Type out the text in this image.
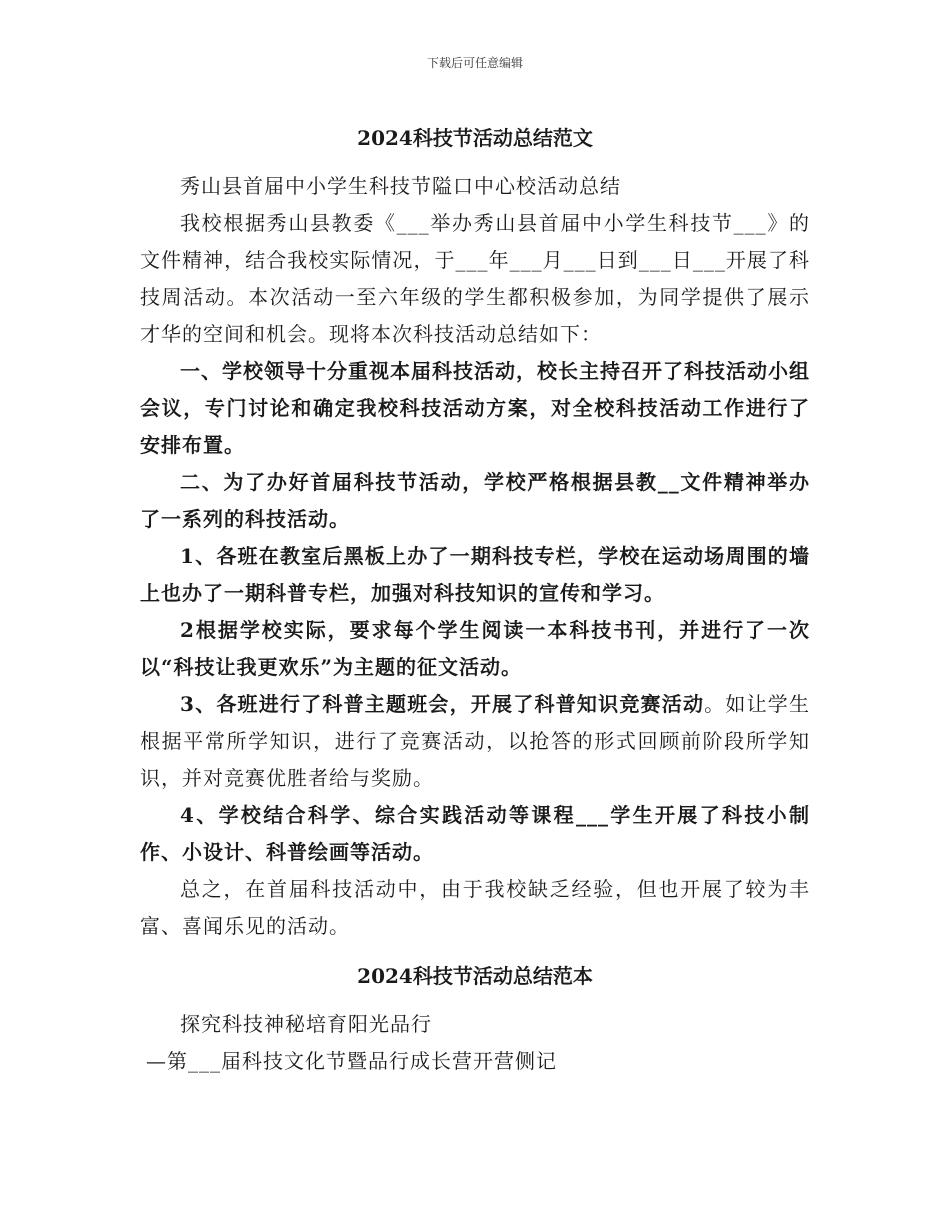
下载后可任意编辑
2024科技节活动总结范文

秀山县首届中小学生科技节隘口中心校活动总结

我校根据秀山县教委《___举办秀山县首届中小学生科技节___》的文件精神，结合我校实际情况，于___年___月___日到___日___开展了科技周活动。本次活动一至六年级的学生都积极参加，为同学提供了展示才华的空间和机会。现将本次科技活动总结如下：

一、学校领导十分重视本届科技活动，校长主持召开了科技活动小组会议，专门讨论和确定我校科技活动方案，对全校科技活动工作进行了安排布置。

二、为了办好首届科技节活动，学校严格根据县教__文件精神举办了一系列的科技活动。

1、各班在教室后黑板上办了一期科技专栏，学校在运动场周围的墙上也办了一期科普专栏，加强对科技知识的宣传和学习。

2根据学校实际，要求每个学生阅读一本科技书刊，并进行了一次以“科技让我更欢乐”为主题的征文活动。

3、各班进行了科普主题班会，开展了科普知识竞赛活动。如让学生根据平常所学知识，进行了竞赛活动，以抢答的形式回顾前阶段所学知识，并对竞赛优胜者给与奖励。

4、学校结合科学、综合实践活动等课程___学生开展了科技小制作、小设计、科普绘画等活动。

总之，在首届科技活动中，由于我校缺乏经验，但也开展了较为丰富、喜闻乐见的活动。

2024科技节活动总结范本

探究科技神秘培育阳光品行

—第___届科技文化节暨品行成长营开营侧记
